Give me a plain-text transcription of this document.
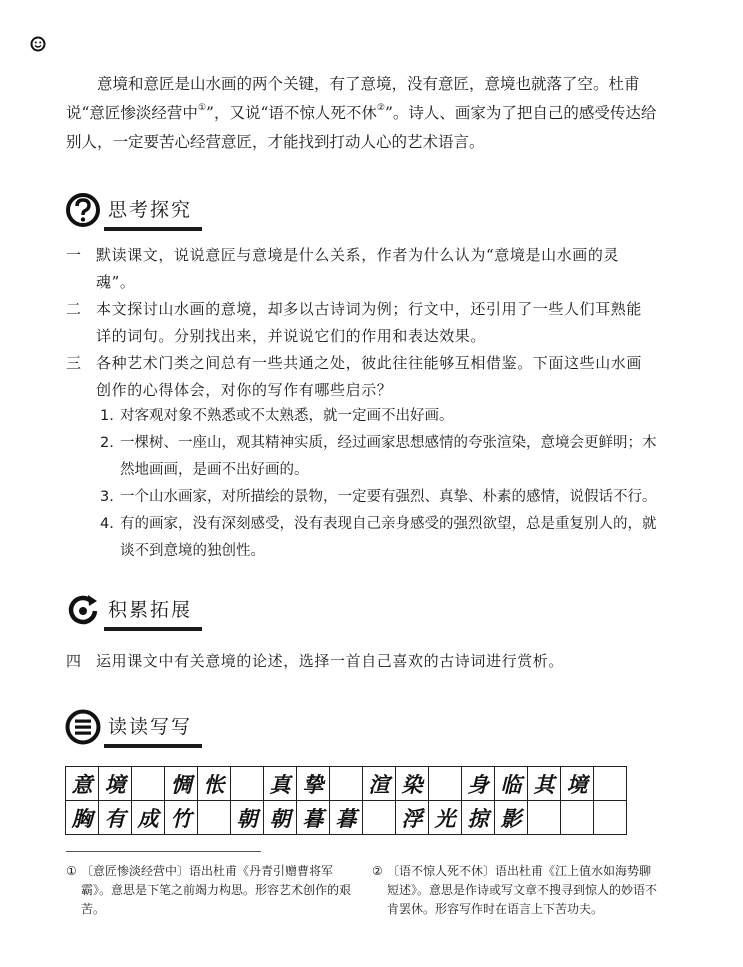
意境和意匠是山水画的两个关键，有了意境，没有意匠，意境也就落了空。杜甫说“意匠惨淡经营中①”，又说“语不惊人死不休②”。诗人、画家为了把自己的感受传达给别人，一定要苦心经营意匠，才能找到打动人心的艺术语言。

思考探究
一 默读课文，说说意匠与意境是什么关系，作者为什么认为“意境是山水画的灵魂”。
二 本文探讨山水画的意境，却多以古诗词为例；行文中，还引用了一些人们耳熟能详的词句。分别找出来，并说说它们的作用和表达效果。
三 各种艺术门类之间总有一些共通之处，彼此往往能够互相借鉴。下面这些山水画创作的心得体会，对你的写作有哪些启示？
1. 对客观对象不熟悉或不太熟悉，就一定画不出好画。
2. 一棵树、一座山，观其精神实质，经过画家思想感情的夸张渲染，意境会更鲜明；木然地画画，是画不出好画的。
3. 一个山水画家，对所描绘的景物，一定要有强烈、真挚、朴素的感情，说假话不行。
4. 有的画家，没有深刻感受，没有表现自己亲身感受的强烈欲望，总是重复别人的，就谈不到意境的独创性。
积累拓展
四 运用课文中有关意境的论述，选择一首自己喜欢的古诗词进行赏析。
读读写写
意	境		惆	怅		真	挚		渲	染		身	临	其	境	
胸	有	成	竹		朝	朝	暮	暮		浮	光	掠	影			
① 〔意匠惨淡经营中〕语出杜甫《丹青引赠曹将军霸》。意思是下笔之前竭力构思。形容艺术创作的艰苦。
② 〔语不惊人死不休〕语出杜甫《江上值水如海势聊短述》。意思是作诗或写文章不搜寻到惊人的妙语不肯罢休。形容写作时在语言上下苦功夫。
